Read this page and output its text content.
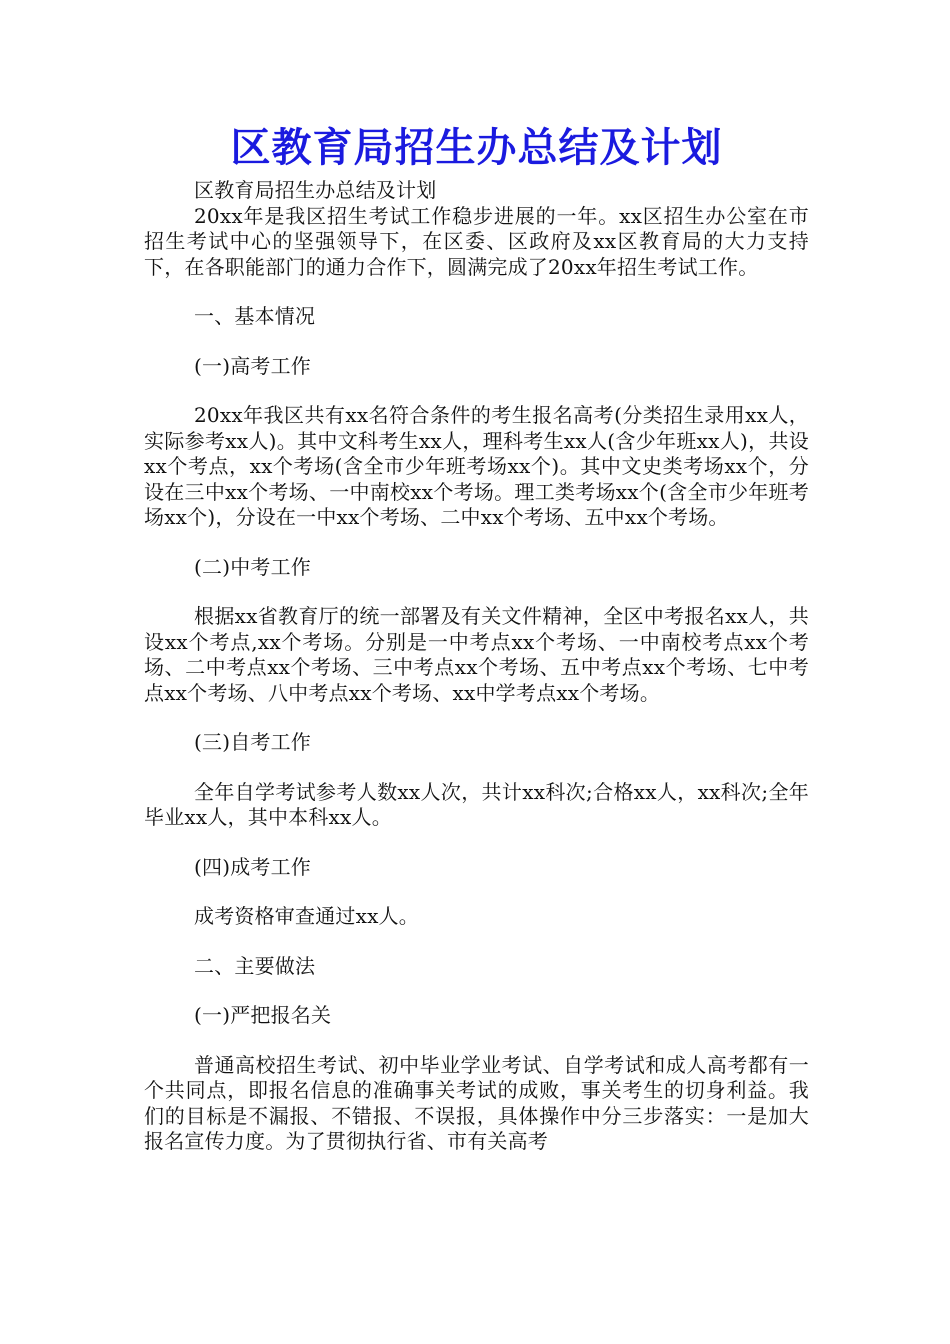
区教育局招生办总结及计划

区教育局招生办总结及计划

20xx年是我区招生考试工作稳步进展的一年。xx区招生办公室在市招生考试中心的坚强领导下，在区委、区政府及xx区教育局的大力支持下，在各职能部门的通力合作下，圆满完成了20xx年招生考试工作。

一、基本情况

(一)高考工作

20xx年我区共有xx名符合条件的考生报名高考(分类招生录用xx人，实际参考xx人)。其中文科考生xx人，理科考生xx人(含少年班xx人)，共设xx个考点，xx个考场(含全市少年班考场xx个)。其中文史类考场xx个，分设在三中xx个考场、一中南校xx个考场。理工类考场xx个(含全市少年班考场xx个)，分设在一中xx个考场、二中xx个考场、五中xx个考场。

(二)中考工作

根据xx省教育厅的统一部署及有关文件精神，全区中考报名xx人，共设xx个考点,xx个考场。分别是一中考点xx个考场、一中南校考点xx个考场、二中考点xx个考场、三中考点xx个考场、五中考点xx个考场、七中考点xx个考场、八中考点xx个考场、xx中学考点xx个考场。

(三)自考工作

全年自学考试参考人数xx人次，共计xx科次;合格xx人，xx科次;全年毕业xx人，其中本科xx人。

(四)成考工作

成考资格审查通过xx人。

二、主要做法

(一)严把报名关

普通高校招生考试、初中毕业学业考试、自学考试和成人高考都有一个共同点，即报名信息的准确事关考试的成败，事关考生的切身利益。我们的目标是不漏报、不错报、不误报，具体操作中分三步落实：一是加大报名宣传力度。为了贯彻执行省、市有关高考
